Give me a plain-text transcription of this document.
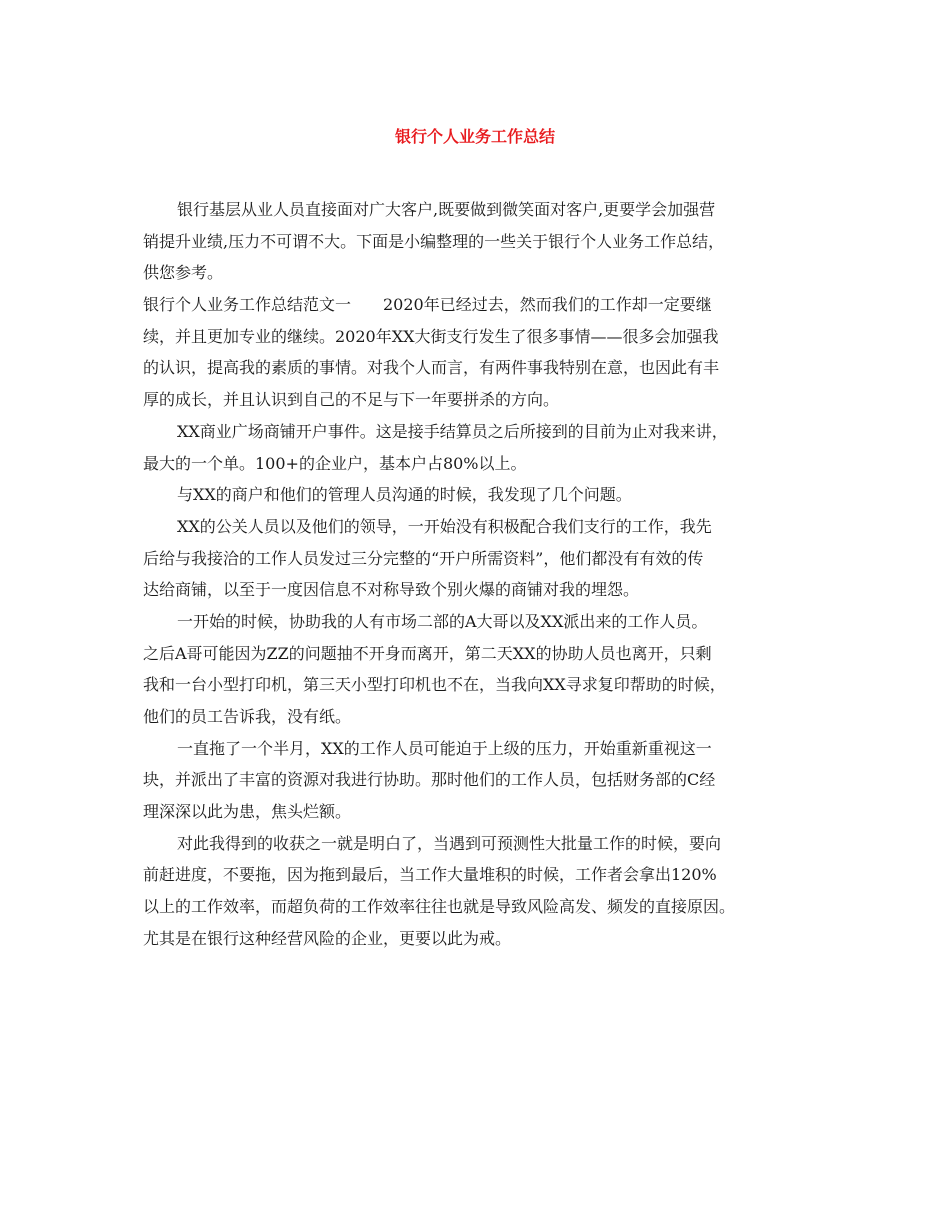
银行个人业务工作总结
银行基层从业人员直接面对广大客户,既要做到微笑面对客户,更要学会加强营
销提升业绩,压力不可谓不大。下面是小编整理的一些关于银行个人业务工作总结，
供您参考。
银行个人业务工作总结范文一　　2020年已经过去，然而我们的工作却一定要继
续，并且更加专业的继续。2020年XX大街支行发生了很多事情——很多会加强我
的认识，提高我的素质的事情。对我个人而言，有两件事我特别在意，也因此有丰
厚的成长，并且认识到自己的不足与下一年要拼杀的方向。
XX商业广场商铺开户事件。这是接手结算员之后所接到的目前为止对我来讲，
最大的一个单。100+的企业户，基本户占80%以上。
与XX的商户和他们的管理人员沟通的时候，我发现了几个问题。
XX的公关人员以及他们的领导，一开始没有积极配合我们支行的工作，我先
后给与我接洽的工作人员发过三分完整的“开户所需资料”，他们都没有有效的传
达给商铺，以至于一度因信息不对称导致个别火爆的商铺对我的埋怨。
一开始的时候，协助我的人有市场二部的A大哥以及XX派出来的工作人员。
之后A哥可能因为ZZ的问题抽不开身而离开，第二天XX的协助人员也离开，只剩
我和一台小型打印机，第三天小型打印机也不在，当我向XX寻求复印帮助的时候，
他们的员工告诉我，没有纸。
一直拖了一个半月，XX的工作人员可能迫于上级的压力，开始重新重视这一
块，并派出了丰富的资源对我进行协助。那时他们的工作人员，包括财务部的C经
理深深以此为患，焦头烂额。
对此我得到的收获之一就是明白了，当遇到可预测性大批量工作的时候，要向
前赶进度，不要拖，因为拖到最后，当工作大量堆积的时候，工作者会拿出120%
以上的工作效率，而超负荷的工作效率往往也就是导致风险高发、频发的直接原因。
尤其是在银行这种经营风险的企业，更要以此为戒。
